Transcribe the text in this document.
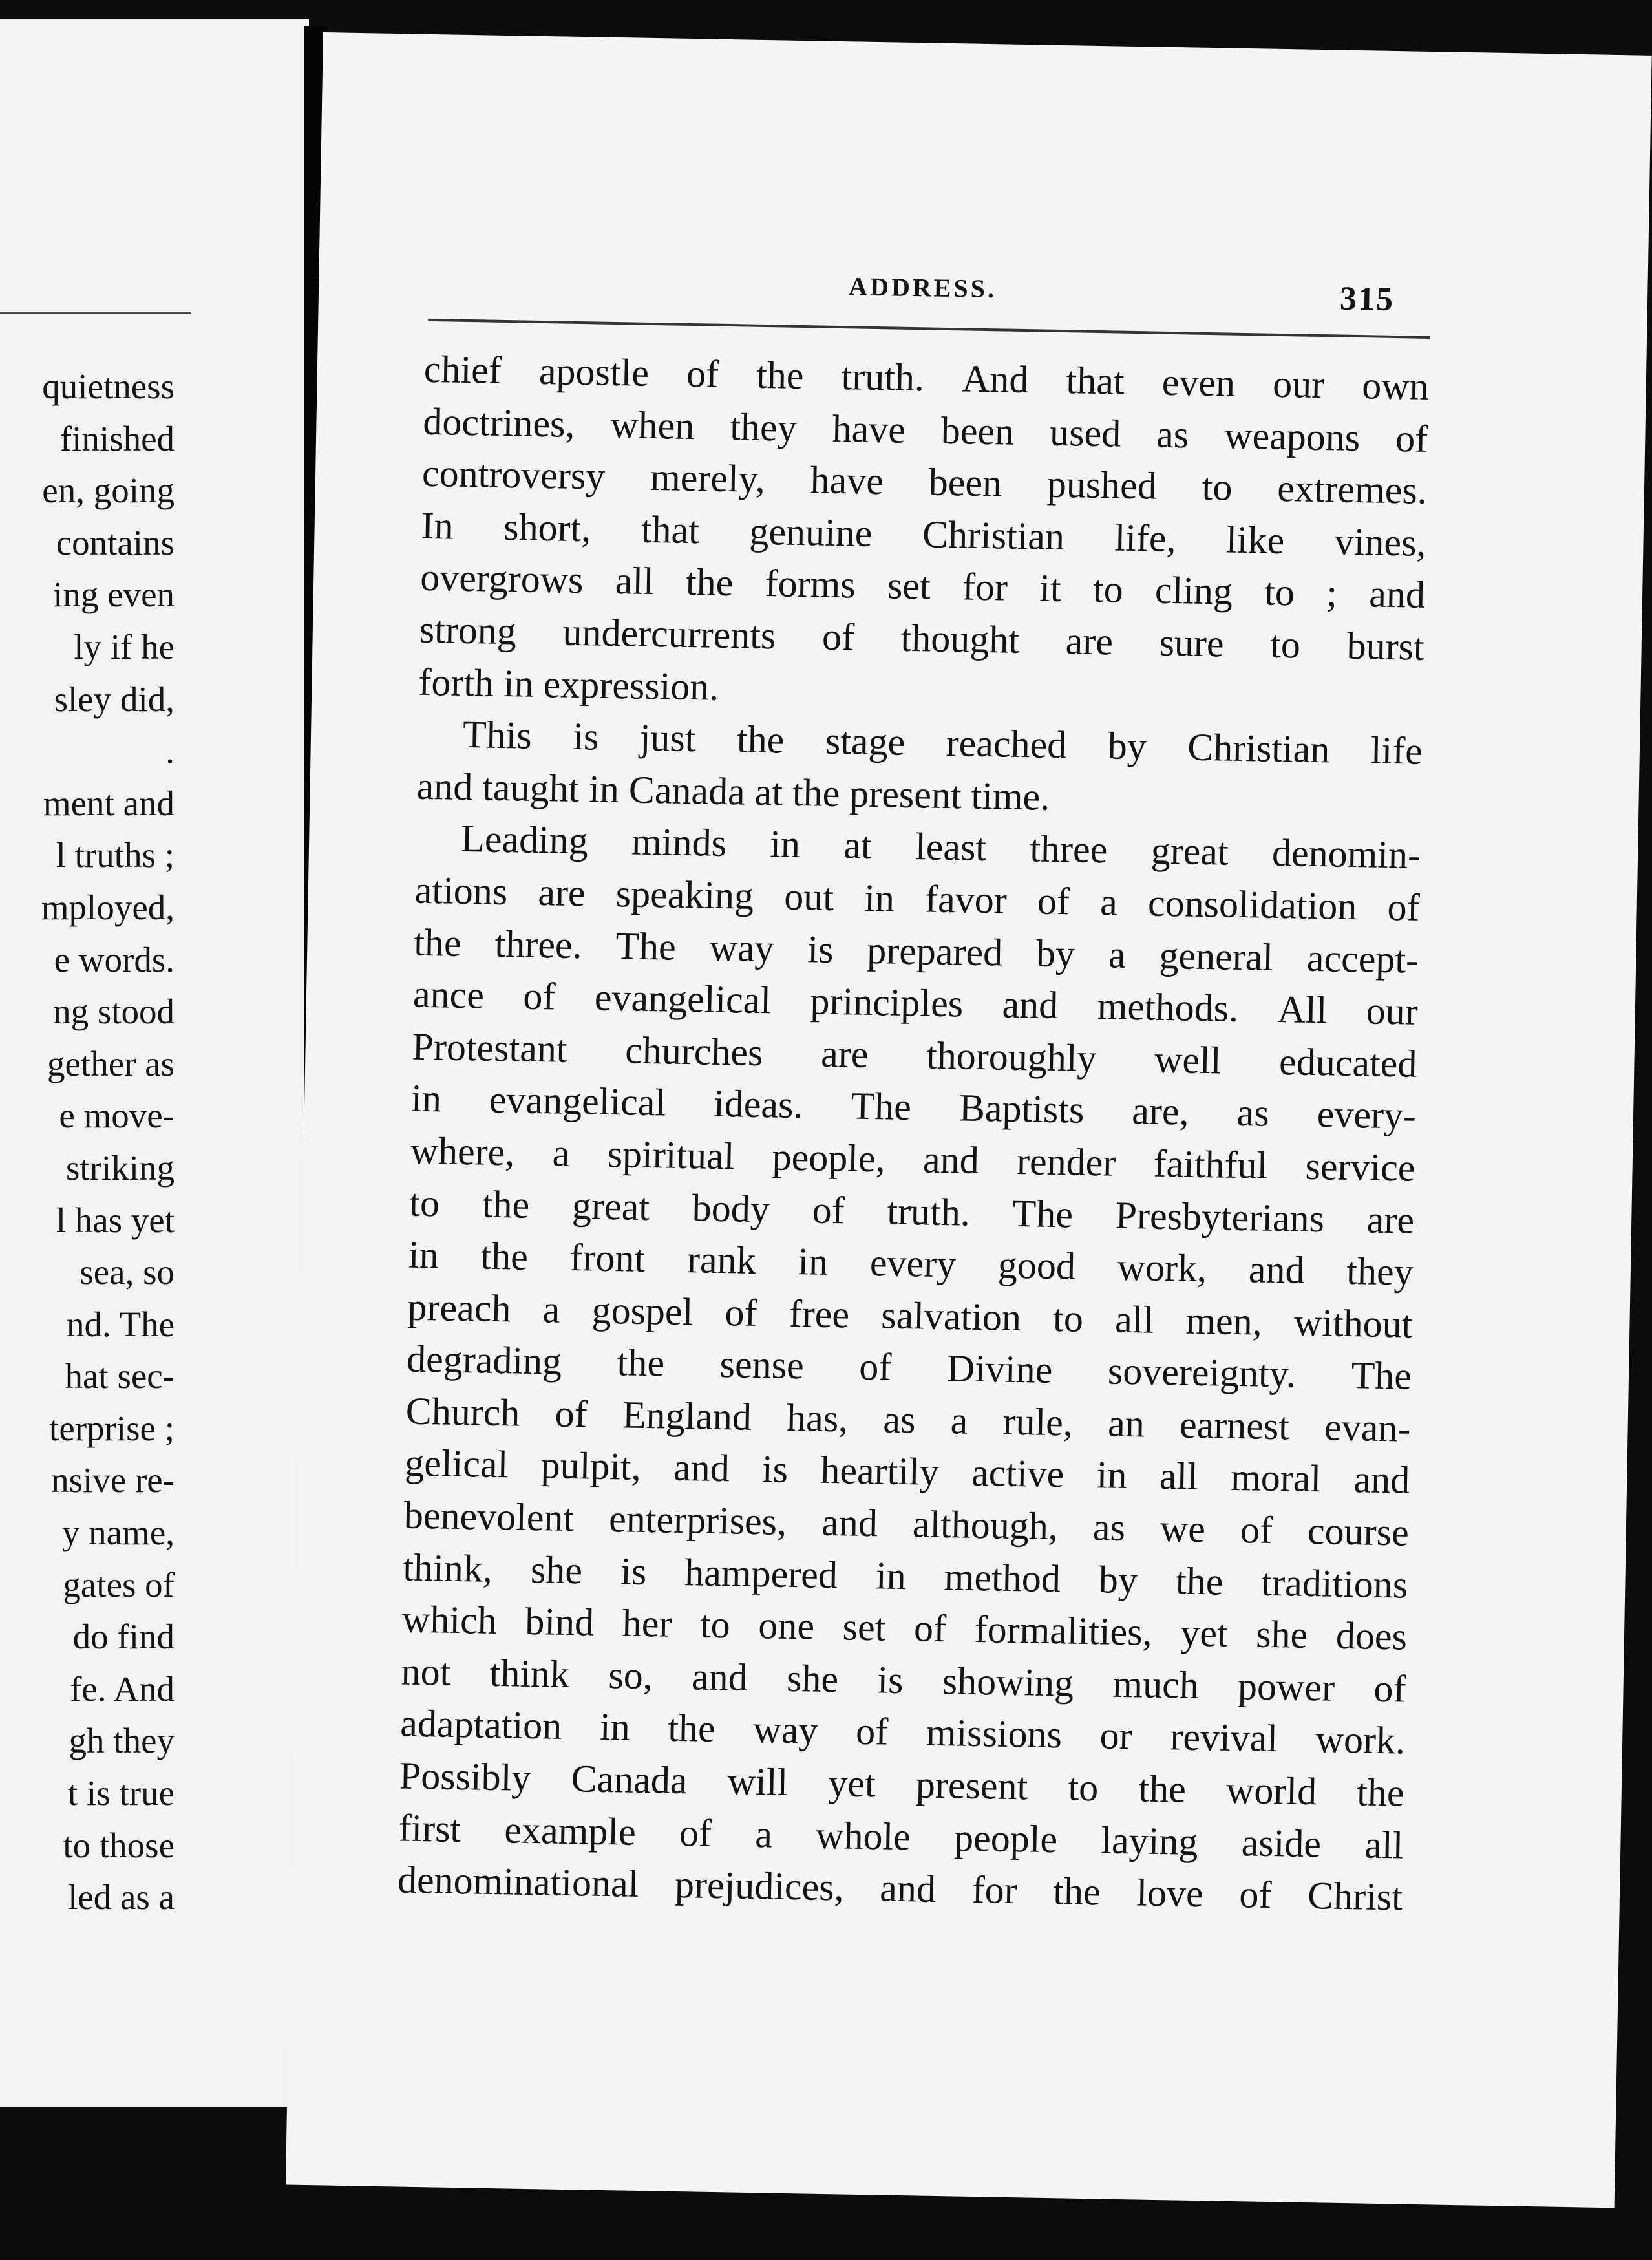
quietness
finished
en, going
contains
ing even
ly if he
sley did,
.
ment and
l truths ;
mployed,
e words.
ng stood
gether as
e move-
striking
l has yet
sea, so
nd. The
hat sec-
terprise ;
nsive re-
y name,
gates of
do find
fe. And
gh they
t is true
to those
led as a
ADDRESS.	315
chief apostle of the truth. And that even our own
doctrines, when they have been used as weapons of
controversy merely, have been pushed to extremes.
In short, that genuine Christian life, like vines,
overgrows all the forms set for it to cling to ; and
strong undercurrents of thought are sure to burst
forth in expression.
This is just the stage reached by Christian life
and taught in Canada at the present time.
Leading minds in at least three great denomin-
ations are speaking out in favor of a consolidation of
the three. The way is prepared by a general accept-
ance of evangelical principles and methods. All our
Protestant churches are thoroughly well educated
in evangelical ideas. The Baptists are, as every-
where, a spiritual people, and render faithful service
to the great body of truth. The Presbyterians are
in the front rank in every good work, and they
preach a gospel of free salvation to all men, without
degrading the sense of Divine sovereignty. The
Church of England has, as a rule, an earnest evan-
gelical pulpit, and is heartily active in all moral and
benevolent enterprises, and although, as we of course
think, she is hampered in method by the traditions
which bind her to one set of formalities, yet she does
not think so, and she is showing much power of
adaptation in the way of missions or revival work.
Possibly Canada will yet present to the world the
first example of a whole people laying aside all
denominational prejudices, and for the love of Christ
